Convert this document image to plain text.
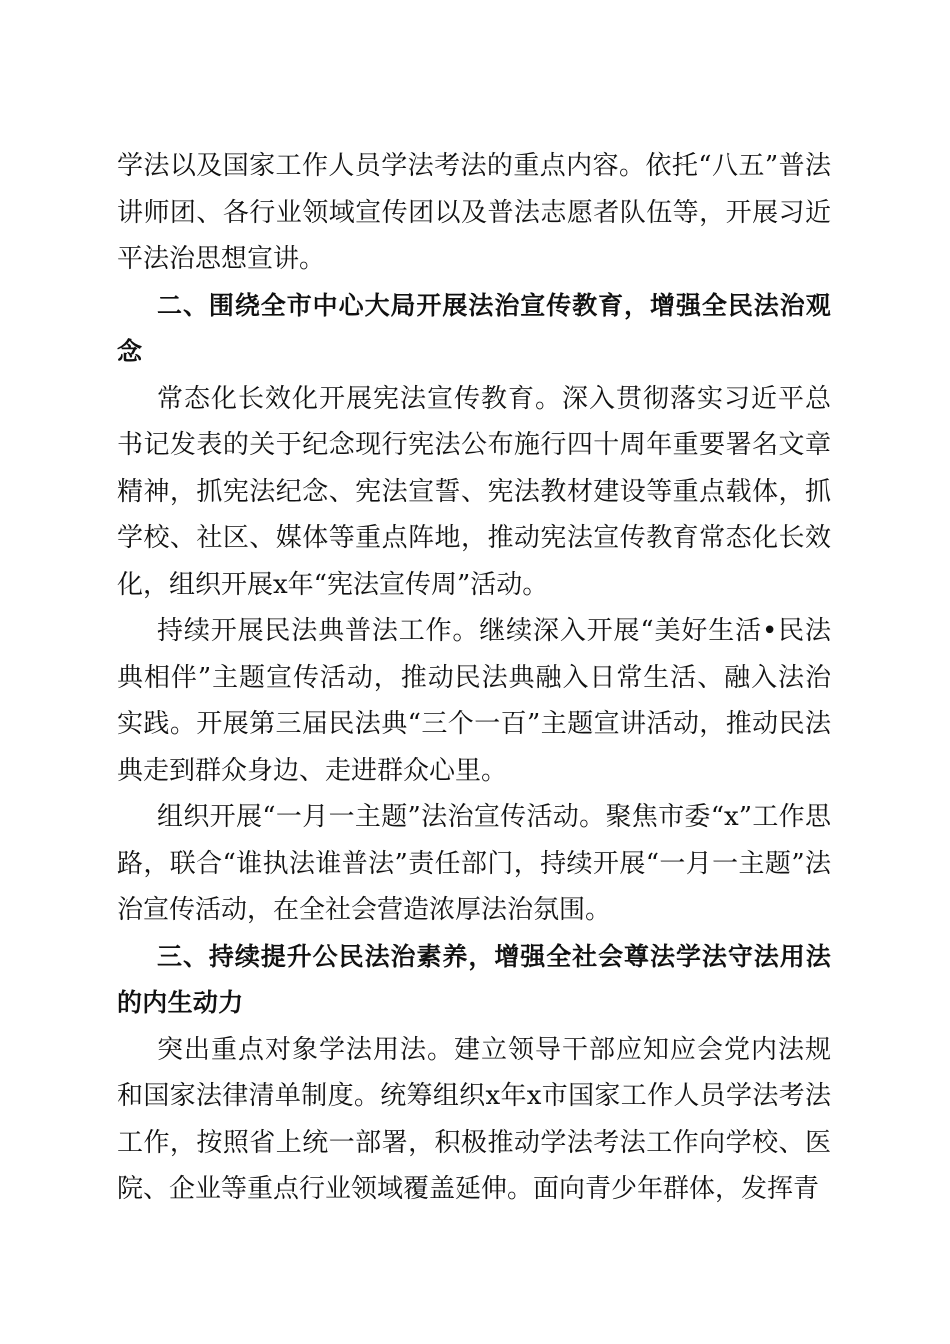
学法以及国家工作人员学法考法的重点内容。依托“八五”普法讲师团、各行业领域宣传团以及普法志愿者队伍等，开展习近平法治思想宣讲。

二、围绕全市中心大局开展法治宣传教育，增强全民法治观念

常态化长效化开展宪法宣传教育。深入贯彻落实习近平总书记发表的关于纪念现行宪法公布施行四十周年重要署名文章精神，抓宪法纪念、宪法宣誓、宪法教材建设等重点载体，抓学校、社区、媒体等重点阵地，推动宪法宣传教育常态化长效化，组织开展x年“宪法宣传周”活动。

持续开展民法典普法工作。继续深入开展“美好生活•民法典相伴”主题宣传活动，推动民法典融入日常生活、融入法治实践。开展第三届民法典“三个一百”主题宣讲活动，推动民法典走到群众身边、走进群众心里。

组织开展“一月一主题”法治宣传活动。聚焦市委“x”工作思路，联合“谁执法谁普法”责任部门，持续开展“一月一主题”法治宣传活动，在全社会营造浓厚法治氛围。

三、持续提升公民法治素养，增强全社会尊法学法守法用法的内生动力

突出重点对象学法用法。建立领导干部应知应会党内法规和国家法律清单制度。统筹组织x年x市国家工作人员学法考法工作，按照省上统一部署，积极推动学法考法工作向学校、医院、企业等重点行业领域覆盖延伸。面向青少年群体，发挥青
